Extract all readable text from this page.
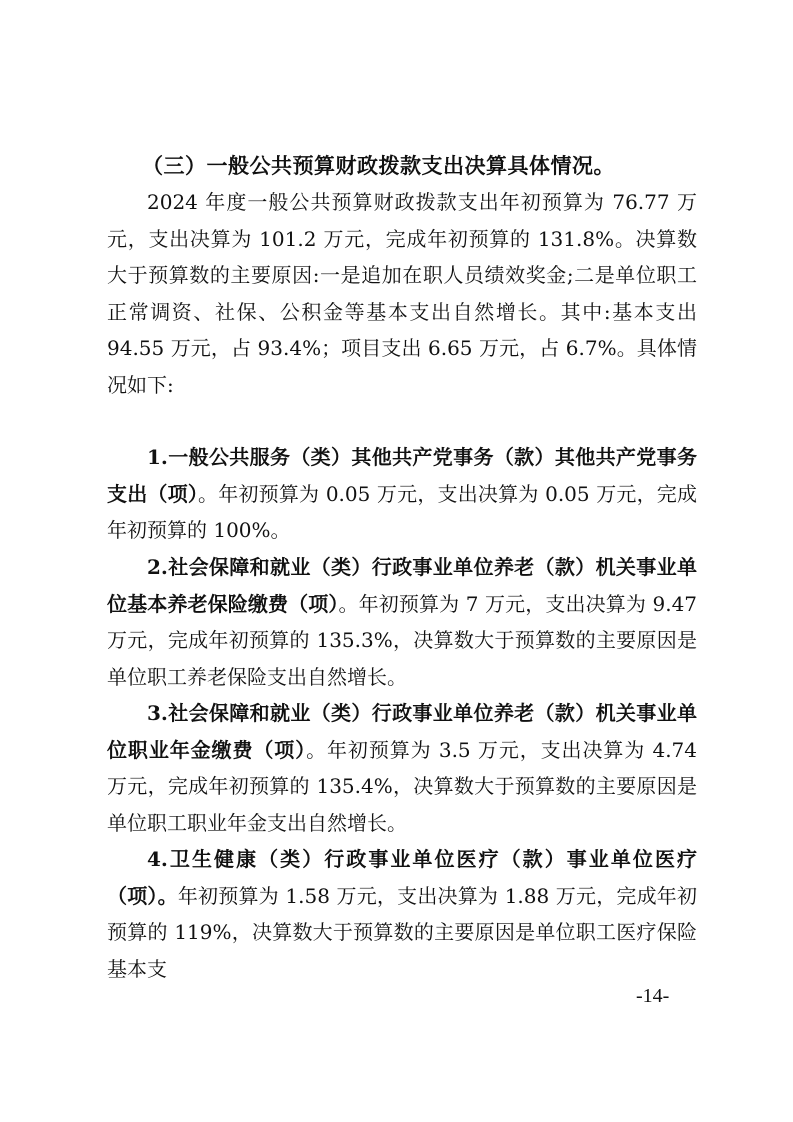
（三）一般公共预算财政拨款支出决算具体情况。

2024 年度一般公共预算财政拨款支出年初预算为 76.77 万元，支出决算为 101.2 万元，完成年初预算的 131.8%。决算数大于预算数的主要原因:一是追加在职人员绩效奖金;二是单位职工正常调资、社保、公积金等基本支出自然增长。其中:基本支出 94.55 万元，占 93.4%；项目支出 6.65 万元，占 6.7%。具体情况如下:

1.一般公共服务（类）其他共产党事务（款）其他共产党事务支出（项）。年初预算为 0.05 万元，支出决算为 0.05 万元，完成年初预算的 100%。

2.社会保障和就业（类）行政事业单位养老（款）机关事业单位基本养老保险缴费（项）。年初预算为 7 万元，支出决算为 9.47 万元，完成年初预算的 135.3%，决算数大于预算数的主要原因是单位职工养老保险支出自然增长。

3.社会保障和就业（类）行政事业单位养老（款）机关事业单位职业年金缴费（项）。年初预算为 3.5 万元，支出决算为 4.74 万元，完成年初预算的 135.4%，决算数大于预算数的主要原因是单位职工职业年金支出自然增长。

4.卫生健康（类）行政事业单位医疗（款）事业单位医疗（项）。年初预算为 1.58 万元，支出决算为 1.88 万元，完成年初预算的 119%，决算数大于预算数的主要原因是单位职工医疗保险基本支

-14-
